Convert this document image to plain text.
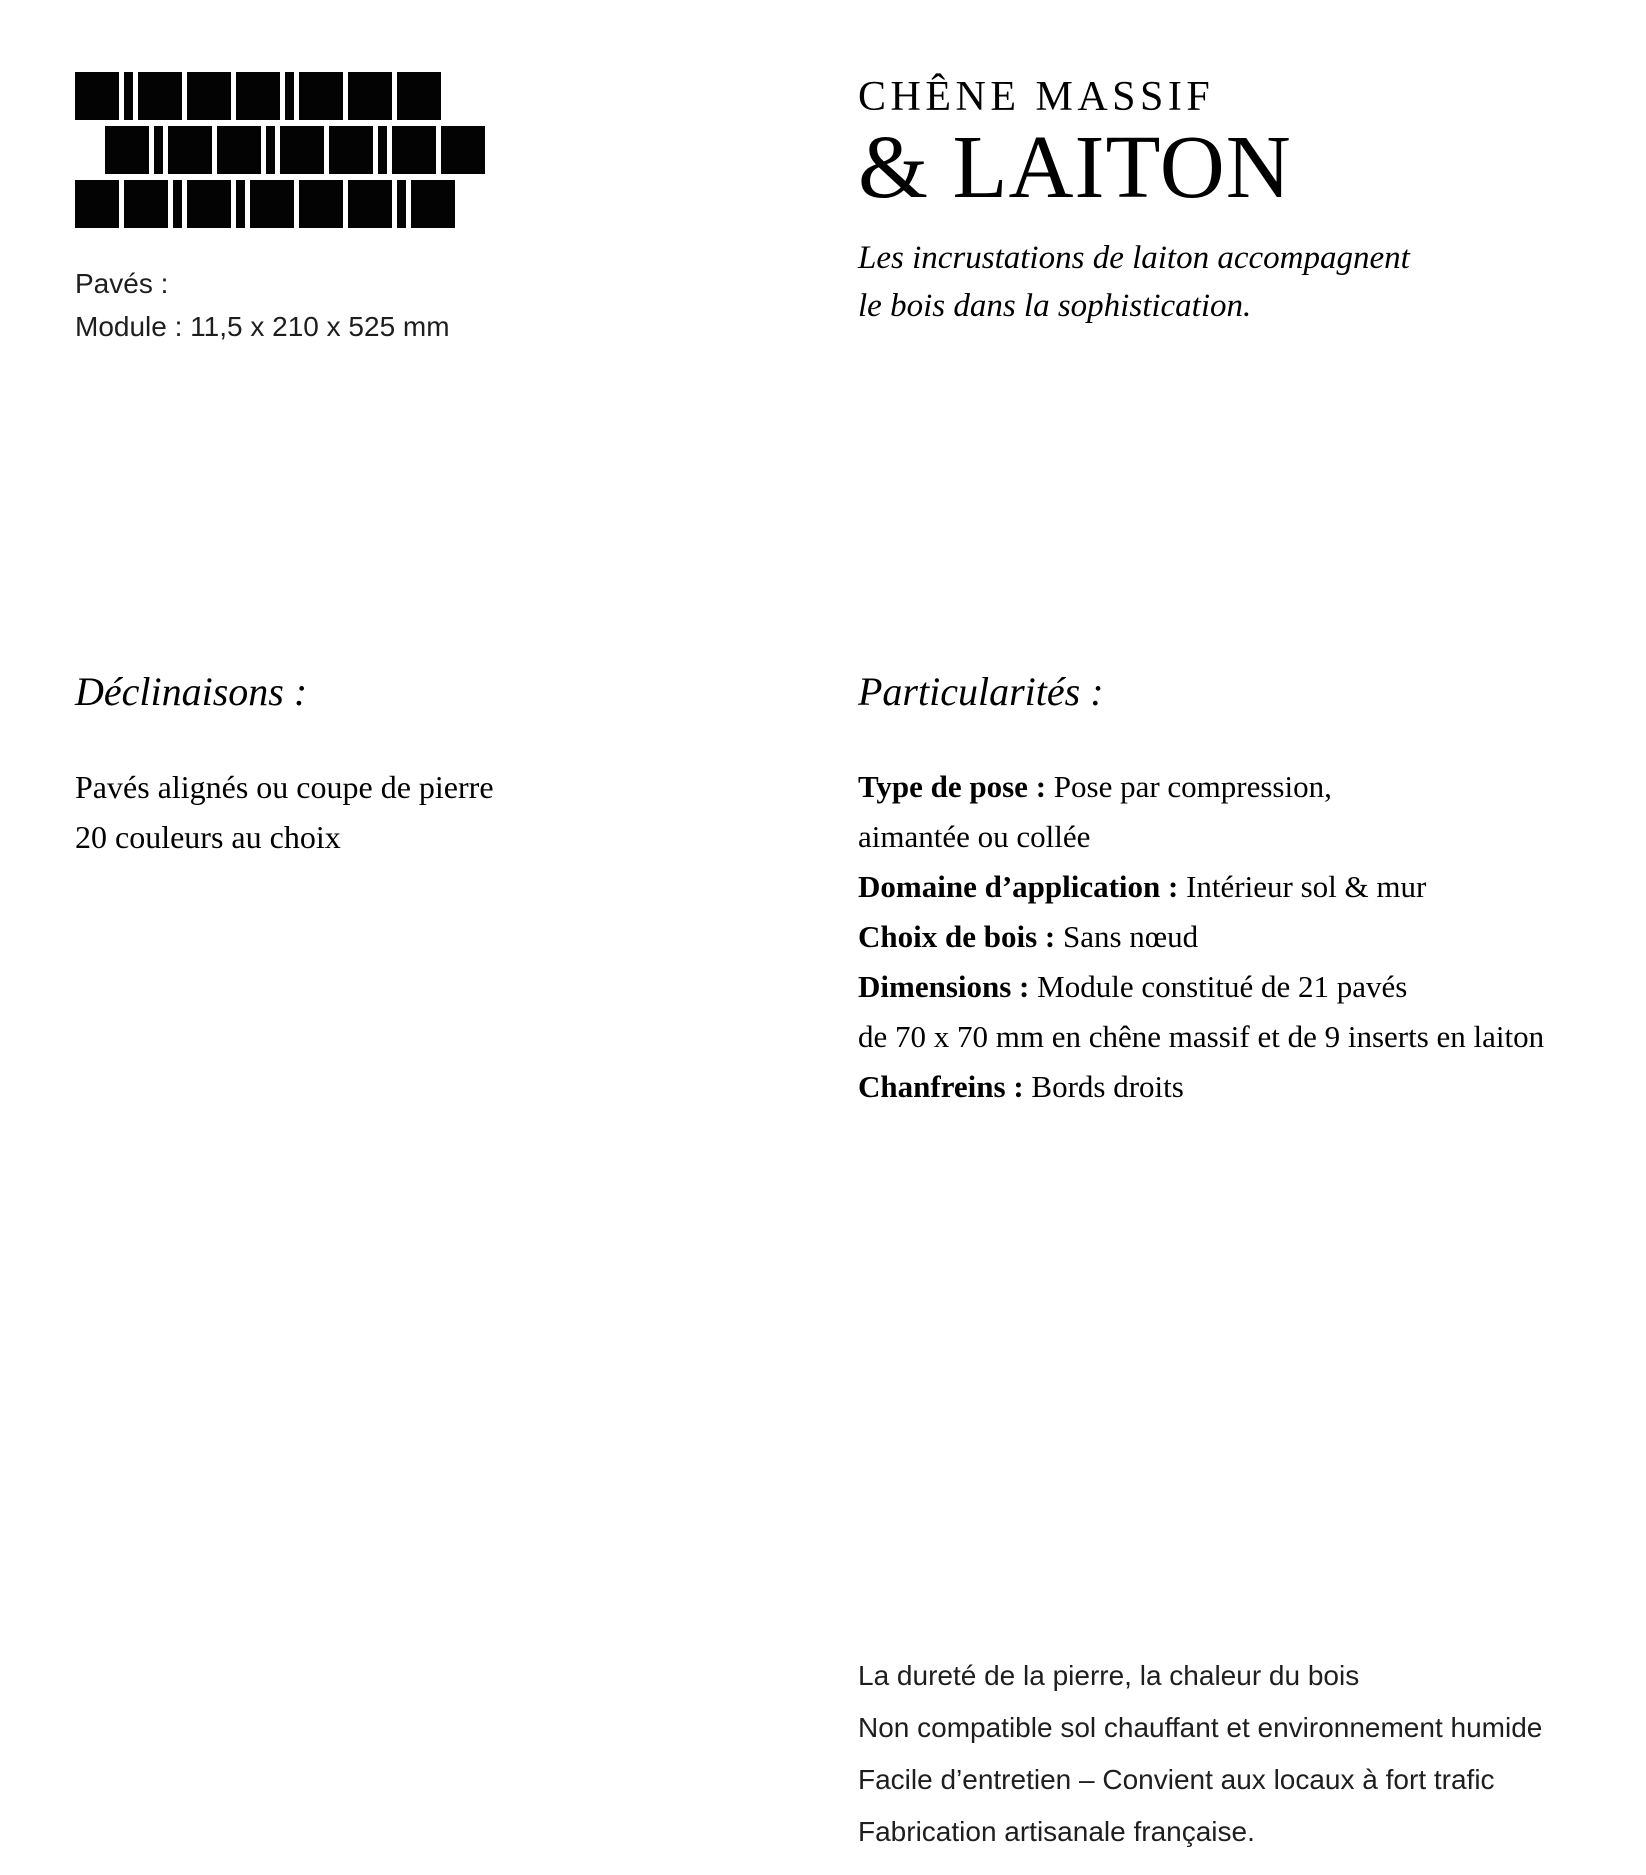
Pavés :
Module : 11,5 x 210 x 525 mm
CHÊNE MASSIF
& LAITON
Les incrustations de laiton accompagnent
le bois dans la sophistication.
Déclinaisons :
Pavés alignés ou coupe de pierre
20 couleurs au choix
Particularités :
Type de pose : Pose par compression,
aimantée ou collée
Domaine d’application : Intérieur sol & mur
Choix de bois : Sans nœud
Dimensions : Module constitué de 21 pavés
de 70 x 70 mm en chêne massif et de 9 inserts en laiton
Chanfreins : Bords droits
La dureté de la pierre, la chaleur du bois
Non compatible sol chauffant et environnement humide
Facile d’entretien – Convient aux locaux à fort trafic
Fabrication artisanale française.
